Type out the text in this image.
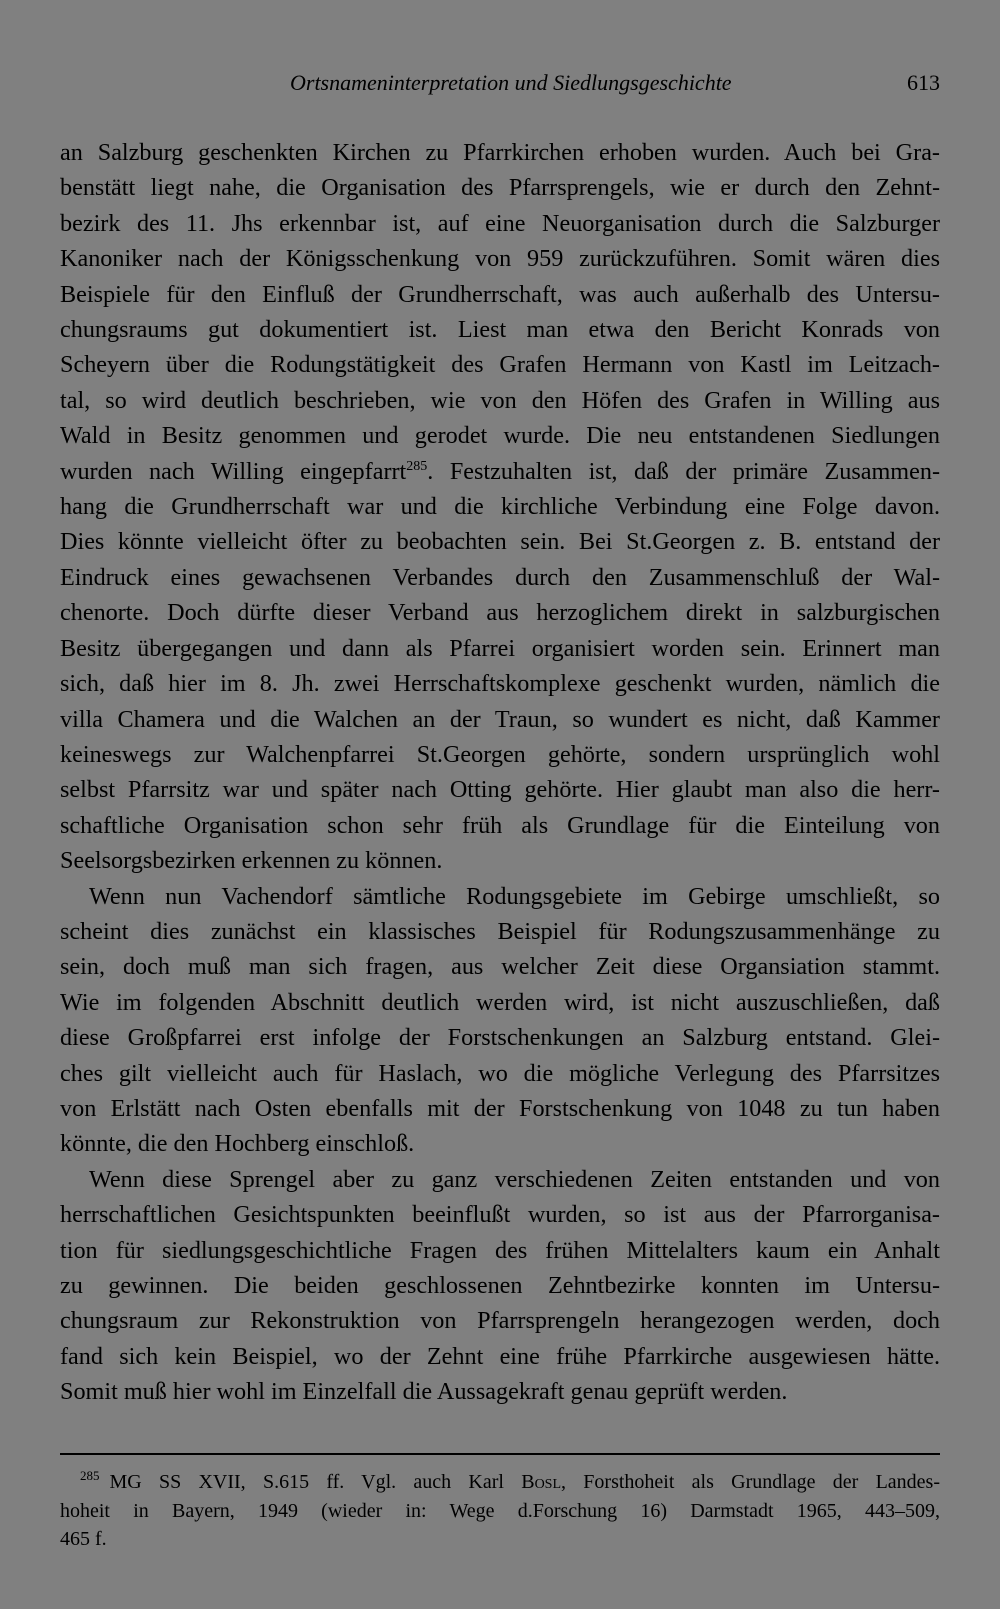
Ortsnameninterpretation und Siedlungsgeschichte	613

an Salzburg geschenkten Kirchen zu Pfarrkirchen erhoben wurden. Auch bei Gra-
benstätt liegt nahe, die Organisation des Pfarrsprengels, wie er durch den Zehnt-
bezirk des 11. Jhs erkennbar ist, auf eine Neuorganisation durch die Salzburger
Kanoniker nach der Königsschenkung von 959 zurückzuführen. Somit wären dies
Beispiele für den Einfluß der Grundherrschaft, was auch außerhalb des Untersu-
chungsraums gut dokumentiert ist. Liest man etwa den Bericht Konrads von
Scheyern über die Rodungstätigkeit des Grafen Hermann von Kastl im Leitzach-
tal, so wird deutlich beschrieben, wie von den Höfen des Grafen in Willing aus
Wald in Besitz genommen und gerodet wurde. Die neu entstandenen Siedlungen
wurden nach Willing eingepfarrt$^{285}$. Festzuhalten ist, daß der primäre Zusammen-
hang die Grundherrschaft war und die kirchliche Verbindung eine Folge davon.
Dies könnte vielleicht öfter zu beobachten sein. Bei St.Georgen z. B. entstand der
Eindruck eines gewachsenen Verbandes durch den Zusammenschluß der Wal-
chenorte. Doch dürfte dieser Verband aus herzoglichem direkt in salzburgischen
Besitz übergegangen und dann als Pfarrei organisiert worden sein. Erinnert man
sich, daß hier im 8. Jh. zwei Herrschaftskomplexe geschenkt wurden, nämlich die
villa Chamera und die Walchen an der Traun, so wundert es nicht, daß Kammer
keineswegs zur Walchenpfarrei St.Georgen gehörte, sondern ursprünglich wohl
selbst Pfarrsitz war und später nach Otting gehörte. Hier glaubt man also die herr-
schaftliche Organisation schon sehr früh als Grundlage für die Einteilung von
Seelsorgsbezirken erkennen zu können.

Wenn nun Vachendorf sämtliche Rodungsgebiete im Gebirge umschließt, so
scheint dies zunächst ein klassisches Beispiel für Rodungszusammenhänge zu
sein, doch muß man sich fragen, aus welcher Zeit diese Organsiation stammt.
Wie im folgenden Abschnitt deutlich werden wird, ist nicht auszuschließen, daß
diese Großpfarrei erst infolge der Forstschenkungen an Salzburg entstand. Glei-
ches gilt vielleicht auch für Haslach, wo die mögliche Verlegung des Pfarrsitzes
von Erlstätt nach Osten ebenfalls mit der Forstschenkung von 1048 zu tun haben
könnte, die den Hochberg einschloß.

Wenn diese Sprengel aber zu ganz verschiedenen Zeiten entstanden und von
herrschaftlichen Gesichtspunkten beeinflußt wurden, so ist aus der Pfarrorganisa-
tion für siedlungsgeschichtliche Fragen des frühen Mittelalters kaum ein Anhalt
zu gewinnen. Die beiden geschlossenen Zehntbezirke konnten im Untersu-
chungsraum zur Rekonstruktion von Pfarrsprengeln herangezogen werden, doch
fand sich kein Beispiel, wo der Zehnt eine frühe Pfarrkirche ausgewiesen hätte.
Somit muß hier wohl im Einzelfall die Aussagekraft genau geprüft werden.

$^{285}$ MG SS XVII, S.615 ff. Vgl. auch Karl Bosl, Forsthoheit als Grundlage der Landes-
hoheit in Bayern, 1949 (wieder in: Wege d.Forschung 16) Darmstadt 1965, 443–509,
465 f.
